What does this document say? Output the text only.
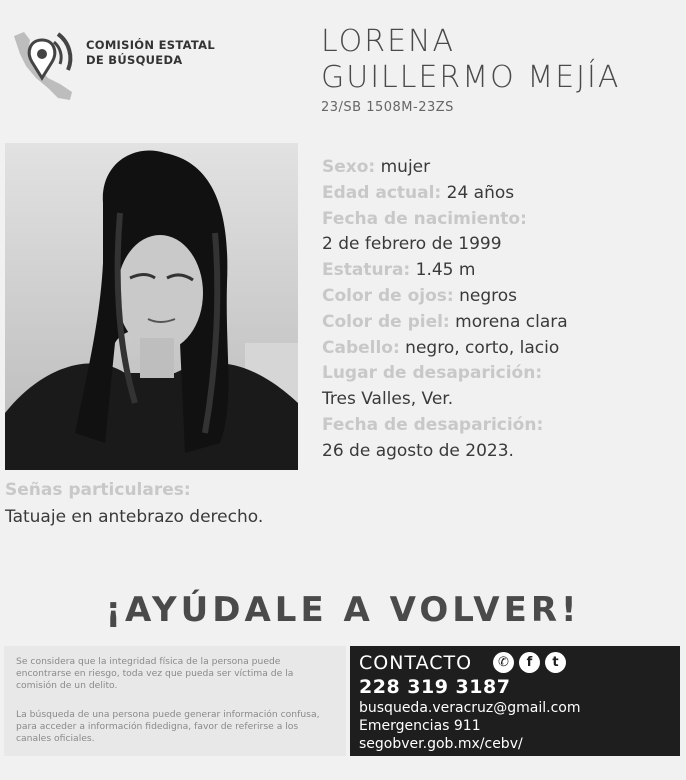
COMISIÓN ESTATAL
DE BÚSQUEDA
LORENA
GUILLERMO MEJÍA
23/SB 1508M-23ZS
Sexo: mujer
Edad actual: 24 años
Fecha de nacimiento:
2 de febrero de 1999
Estatura: 1.45 m
Color de ojos: negros
Color de piel: morena clara
Cabello: negro, corto, lacio
Lugar de desaparición:
Tres Valles, Ver.
Fecha de desaparición:
26 de agosto de 2023.
Señas particulares:
Tatuaje en antebrazo derecho.
¡AYÚDALE A VOLVER!

Se considera que la integridad física de la persona puede encontrarse en riesgo, toda vez que pueda ser víctima de la comisión de un delito.

La búsqueda de una persona puede generar información confusa, para acceder a información fidedigna, favor de referirse a los canales oficiales.

CONTACTO	✆	f	t
228 319 3187
busqueda.veracruz@gmail.com
Emergencias 911
segobver.gob.mx/cebv/
